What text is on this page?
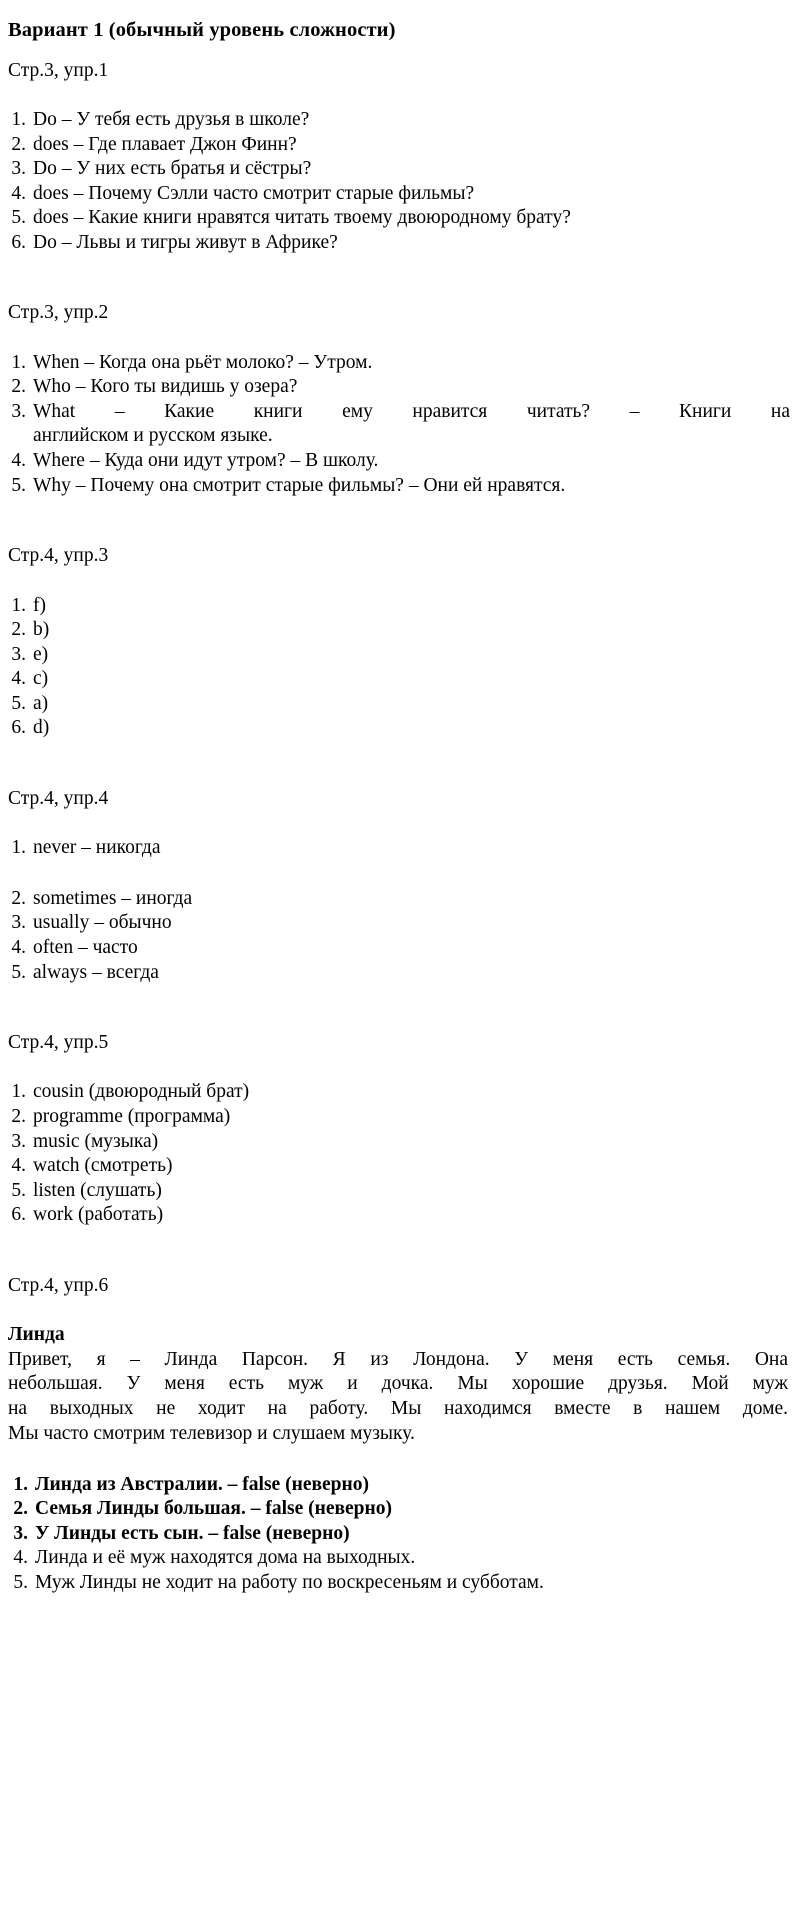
Вариант 1 (обычный уровень сложности)
Стр.3, упр.1
1. Do – У тебя есть друзья в школе?
2. does – Где плавает Джон Финн?
3. Do – У них есть братья и сёстры?
4. does – Почему Сэлли часто смотрит старые фильмы?
5. does – Какие книги нравятся читать твоему двоюродному брату?
6. Do – Львы и тигры живут в Африке?
Стр.3, упр.2
1. When – Когда она рьёт молоко? – Утром.
2. Who – Кого ты видишь у озера?
3. What – Какие книги ему нравится читать? – Книги на
английском и русском языке.
4. Where – Куда они идут утром? – В школу.
5. Why – Почему она смотрит старые фильмы? – Они ей нравятся.
Стр.4, упр.3
1. f)
2. b)
3. e)
4. c)
5. a)
6. d)
Стр.4, упр.4
1. never – никогда
2. sometimes – иногда
3. usually – обычно
4. often – часто
5. always – всегда
Стр.4, упр.5
1. cousin (двоюродный брат)
2. programme (программа)
3. music (музыка)
4. watch (смотреть)
5. listen (слушать)
6. work (работать)
Стр.4, упр.6
Линда
Привет, я – Линда Парсон. Я из Лондона. У меня есть семья. Она
небольшая. У меня есть муж и дочка. Мы хорошие друзья. Мой муж
на выходных не ходит на работу. Мы находимся вместе в нашем доме.
Мы часто смотрим телевизор и слушаем музыку.
1. Линда из Австралии. – false (неверно)
2. Семья Линды большая. – false (неверно)
3. У Линды есть сын. – false (неверно)
4. Линда и её муж находятся дома на выходных.
5. Муж Линды не ходит на работу по воскресеньям и субботам.
